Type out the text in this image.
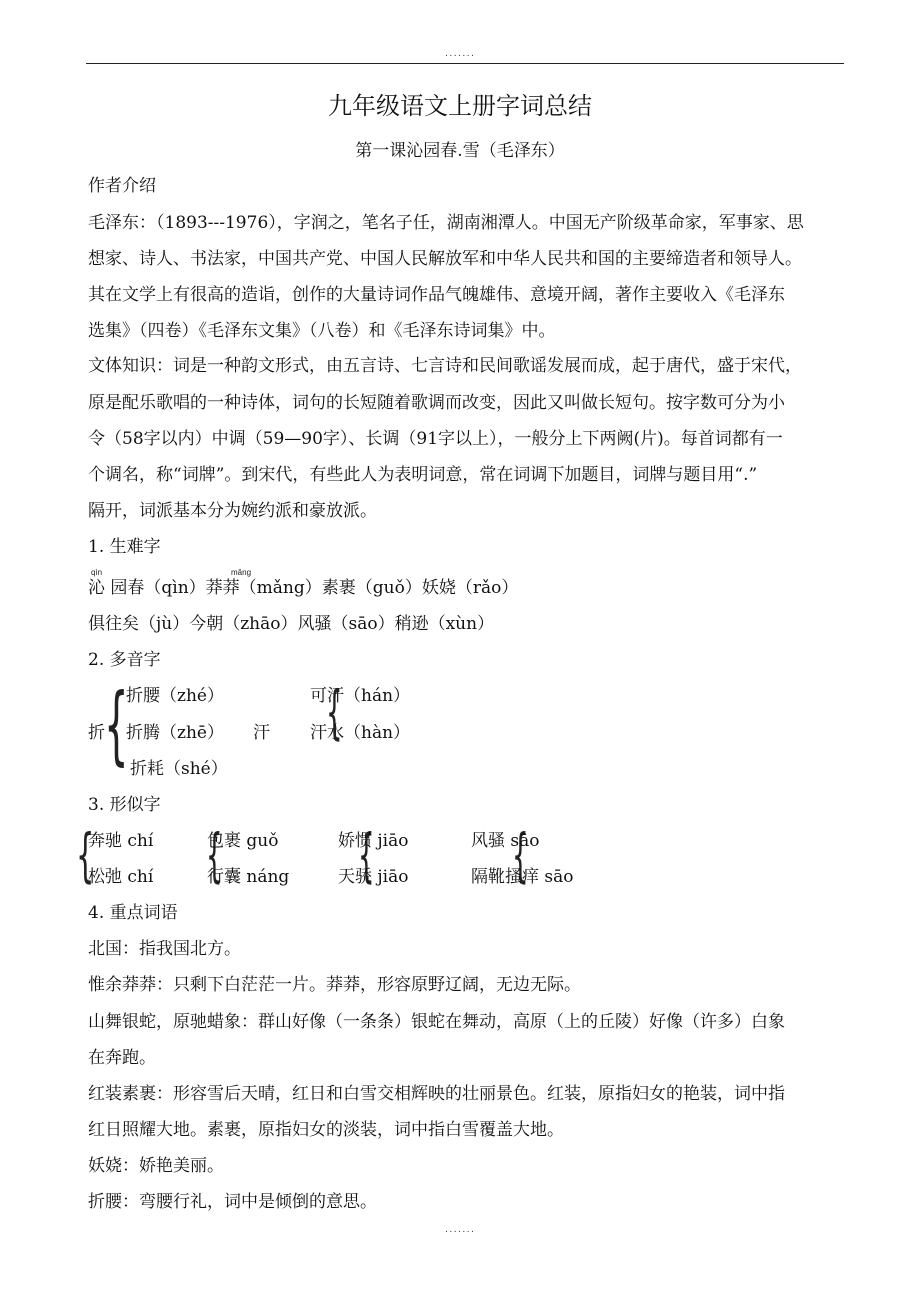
·······
九年级语文上册字词总结
第一课沁园春.雪（毛泽东）
作者介绍
毛泽东：（1893---1976），字润之，笔名子任，湖南湘潭人。中国无产阶级革命家，军事家、思
想家、诗人、书法家，中国共产党、中国人民解放军和中华人民共和国的主要缔造者和领导人。
其在文学上有很高的造诣，创作的大量诗词作品气魄雄伟、意境开阔，著作主要收入《毛泽东
选集》（四卷）《毛泽东文集》（八卷）和《毛泽东诗词集》中。
文体知识：词是一种韵文形式，由五言诗、七言诗和民间歌谣发展而成，起于唐代，盛于宋代，
原是配乐歌唱的一种诗体，词句的长短随着歌调而改变，因此又叫做长短句。按字数可分为小
令（58字以内）中调（59—90字）、长调（91字以上），一般分上下两阙(片)。每首词都有一
个调名，称“词牌”。到宋代，有些此人为表明词意，常在词调下加题目，词牌与题目用“.”
隔开，词派基本分为婉约派和豪放派。
1. 生难字
qìn	mǎng
沁 园春（qìn）莽莽（mǎng）素裹（guǒ）妖娆（rǎo）
俱往矣（jù）今朝（zhāo）风骚（sāo）稍逊（xùn）
2. 多音字
折 {
折腰（zhé）
折腾（zhē）
折耗（shé）
汗
可汗（hán）
汗水（hàn）
{
3. 形似字
{
奔驰 chí
松弛 chí {
包裹 guǒ
行囊 náng {
娇惯 jiāo
天骄 jiāo {
风骚 sāo
隔靴搔痒 sāo
4. 重点词语
北国：指我国北方。
惟余莽莽：只剩下白茫茫一片。莽莽，形容原野辽阔，无边无际。
山舞银蛇，原驰蜡象：群山好像（一条条）银蛇在舞动，高原（上的丘陵）好像（许多）白象
在奔跑。
红装素裹：形容雪后天晴，红日和白雪交相辉映的壮丽景色。红装，原指妇女的艳装，词中指
红日照耀大地。素裹，原指妇女的淡装，词中指白雪覆盖大地。
妖娆：娇艳美丽。
折腰：弯腰行礼，词中是倾倒的意思。
·······
